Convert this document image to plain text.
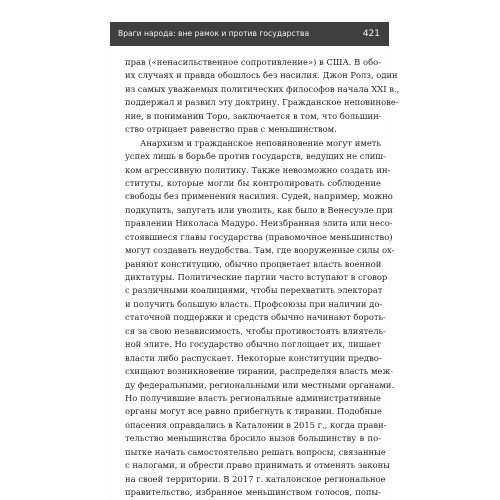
Враги народа: вне рамок и против государства	421
прав («ненасильственное сопротивление») в США. В обо-
их случаях и правда обошлось без насилия. Джон Ролз, один
из самых уважаемых политических философов начала XXI в.,
поддержал и развил эту доктрину. Гражданское неповинове-
ние, в понимании Торо, заключается в том, что большин-
ство отрицает равенство прав с меньшинством.
Анархизм и гражданское неповиновение могут иметь
успех лишь в борьбе против государств, ведущих не слиш-
ком агрессивную политику. Также невозможно создать ин-
ституты, которые могли бы контролировать соблюдение
свободы без применения насилия. Судей, например, можно
подкупить, запугать или уволить, как было в Венесуэле при
правлении Николаса Мадуро. Неизбранная элита или несо-
стоявшиеся главы государства (правомочное меньшинство)
могут создавать неудобства. Там, где вооруженные силы ох-
раняют конституцию, обычно процветает власть военной
диктатуры. Политические партии часто вступают в сговор
с различными коалициями, чтобы перехватить электорат
и получить большую власть. Профсоюзы при наличии до-
статочной поддержки и средств обычно начинают бороть-
ся за свою независимость, чтобы противостоять влиятель-
ной элите. Но государство обычно поглощает их, лишает
власти либо распускает. Некоторые конституции предво-
схищают возникновение тирании, распределяя власть меж-
ду федеральными, региональными или местными органами.
Но получившие власть региональные административные
органы могут все равно прибегнуть к тирании. Подобные
опасения оправдались в Каталонии в 2015 г., когда прави-
тельство меньшинства бросило вызов большинству в по-
пытке начать самостоятельно решать вопросы, связанные
с налогами, и обрести право принимать и отменять законы
на своей территории. В 2017 г. каталонское региональное
правительство, избранное меньшинством голосов, попы-
